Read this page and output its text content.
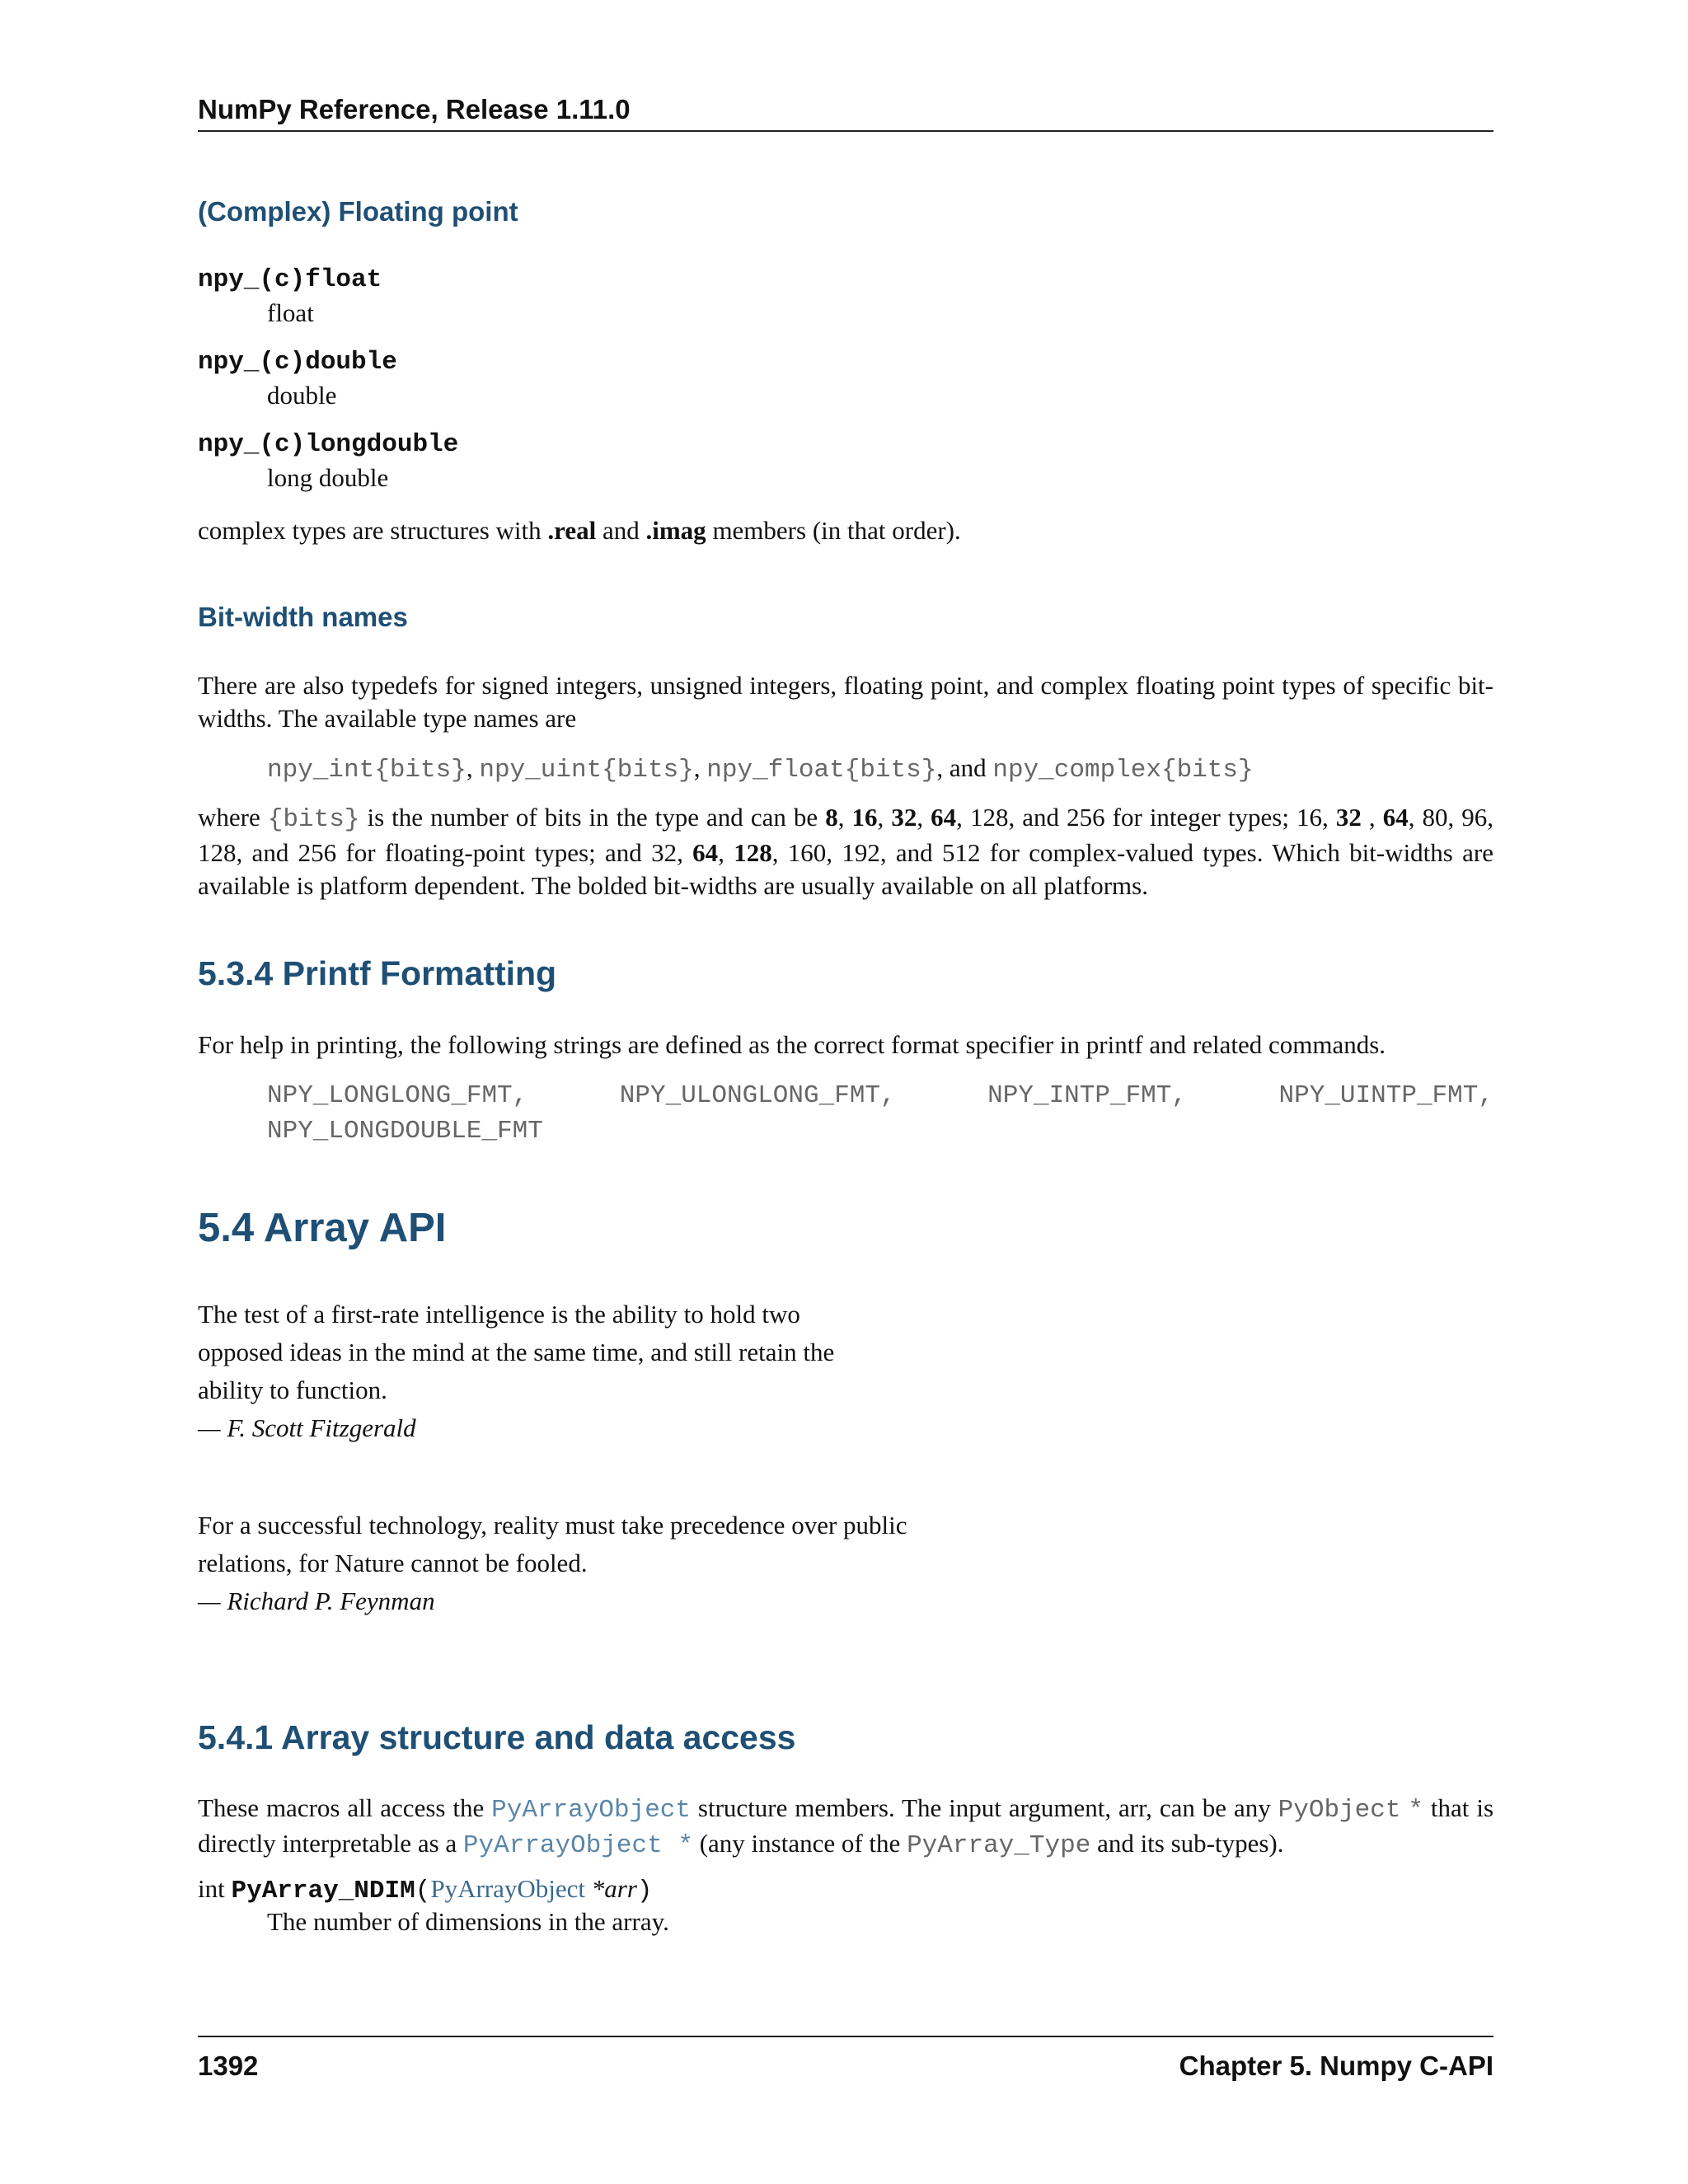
NumPy Reference, Release 1.11.0
(Complex) Floating point
npy_(c)float
float
npy_(c)double
double
npy_(c)longdouble
long double
complex types are structures with .real and .imag members (in that order).
Bit-width names
There are also typedefs for signed integers, unsigned integers, floating point, and complex floating point types of specific bit- widths. The available type names are
npy_int{bits}, npy_uint{bits}, npy_float{bits}, and npy_complex{bits}
where {bits} is the number of bits in the type and can be 8, 16, 32, 64, 128, and 256 for integer types; 16, 32 , 64, 80, 96, 128, and 256 for floating-point types; and 32, 64, 128, 160, 192, and 512 for complex-valued types. Which bit-widths are available is platform dependent. The bolded bit-widths are usually available on all platforms.
5.3.4 Printf Formatting
For help in printing, the following strings are defined as the correct format specifier in printf and related commands.
NPY_LONGLONG_FMT,	NPY_ULONGLONG_FMT,	NPY_INTP_FMT,	NPY_UINTP_FMT,
NPY_LONGDOUBLE_FMT
5.4 Array API
The test of a first-rate intelligence is the ability to hold two
opposed ideas in the mind at the same time, and still retain the
ability to function.
— F. Scott Fitzgerald
For a successful technology, reality must take precedence over public
relations, for Nature cannot be fooled.
— Richard P. Feynman
5.4.1 Array structure and data access
These macros all access the PyArrayObject structure members. The input argument, arr, can be any PyObject * that is directly interpretable as a PyArrayObject * (any instance of the PyArray_Type and its sub-types).
int PyArray_NDIM(PyArrayObject *arr)
The number of dimensions in the array.
1392	Chapter 5. Numpy C-API
